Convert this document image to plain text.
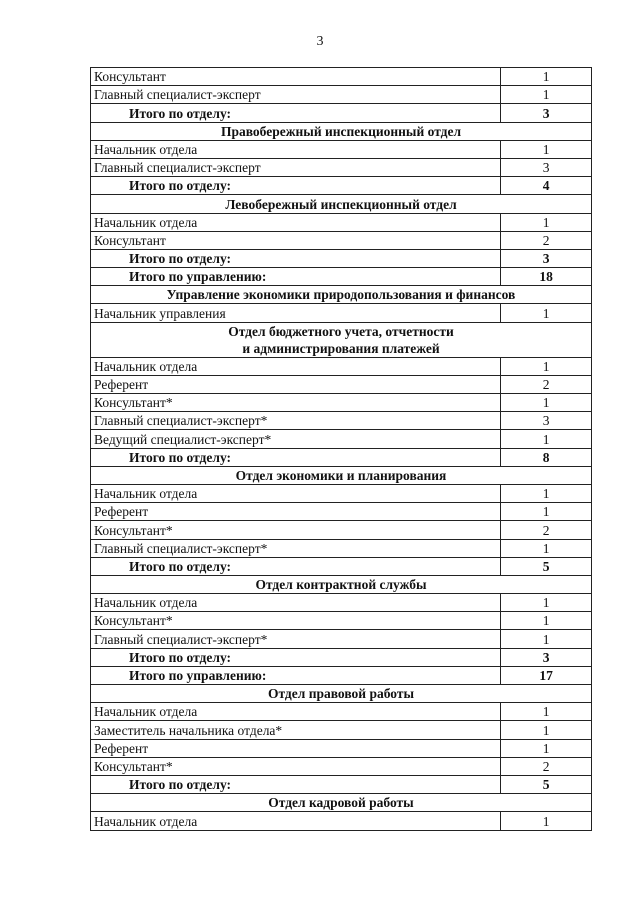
3
Консультант	1
Главный специалист-эксперт	1
Итого по отделу:	3
Правобережный инспекционный отдел	
Начальник отдела	1
Главный специалист-эксперт	3
Итого по отделу:	4
Левобережный инспекционный отдел	
Начальник отдела	1
Консультант	2
Итого по отделу:	3
Итого по управлению:	18
Управление экономики природопользования и финансов	
Начальник управления	1
Отдел бюджетного учета, отчетности
и администрирования платежей	
Начальник отдела	1
Референт	2
Консультант*	1
Главный специалист-эксперт*	3
Ведущий специалист-эксперт*	1
Итого по отделу:	8
Отдел экономики и планирования	
Начальник отдела	1
Референт	1
Консультант*	2
Главный специалист-эксперт*	1
Итого по отделу:	5
Отдел контрактной службы	
Начальник отдела	1
Консультант*	1
Главный специалист-эксперт*	1
Итого по отделу:	3
Итого по управлению:	17
Отдел правовой работы	
Начальник отдела	1
Заместитель начальника отдела*	1
Референт	1
Консультант*	2
Итого по отделу:	5
Отдел кадровой работы	
Начальник отдела	1
